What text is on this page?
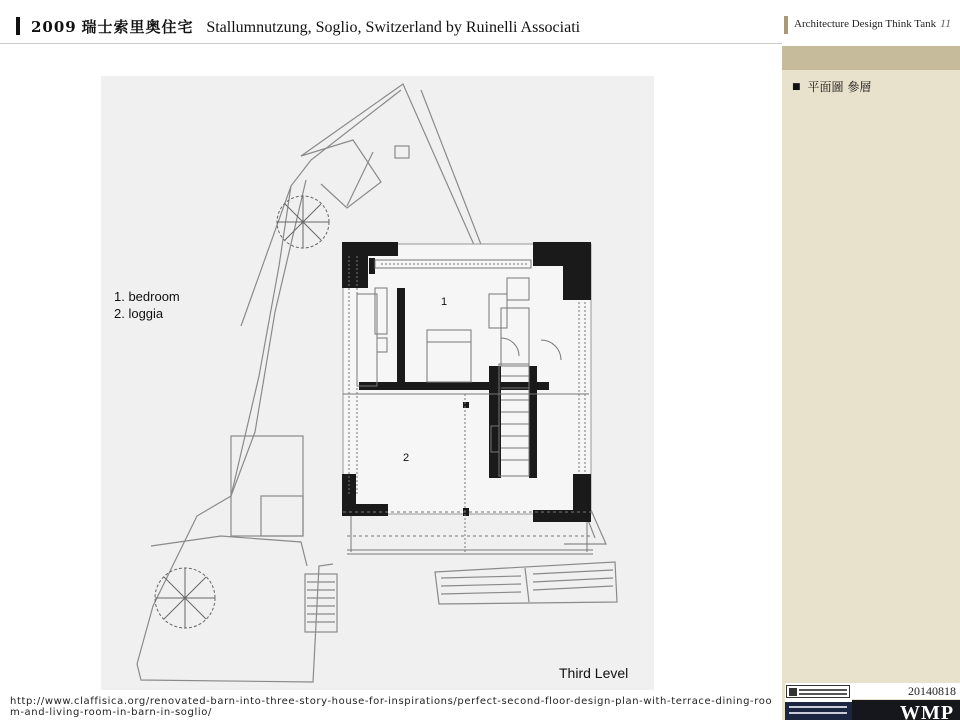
2009 瑞士索里奥住宅 Stallumnutzung, Soglio, Switzerland by Ruinelli Associati	Architecture Design Think Tank 11
■ 平面圖 參層
1. bedroom
2. loggia
1
2
Third Level
http://www.claffisica.org/renovated-barn-into-three-story-house-for-inspirations/perfect-second-floor-design-plan-with-terrace-dining-room-and-living-room-in-barn-in-soglio/
20140818
WMP
